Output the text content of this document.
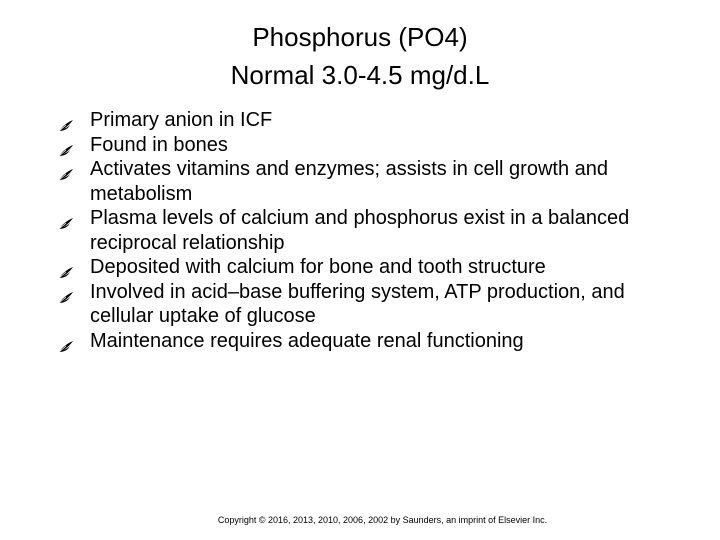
Phosphorus (PO4)
Normal 3.0-4.5 mg/d.L
Primary anion in ICF
Found in bones
Activates vitamins and enzymes; assists in cell growth and metabolism
Plasma levels of calcium and phosphorus exist in a balanced reciprocal relationship
Deposited with calcium for bone and tooth structure
Involved in acid–base buffering system, ATP production, and cellular uptake of glucose
Maintenance requires adequate renal functioning
Copyright © 2016, 2013, 2010, 2006, 2002 by Saunders, an imprint of Elsevier Inc.
